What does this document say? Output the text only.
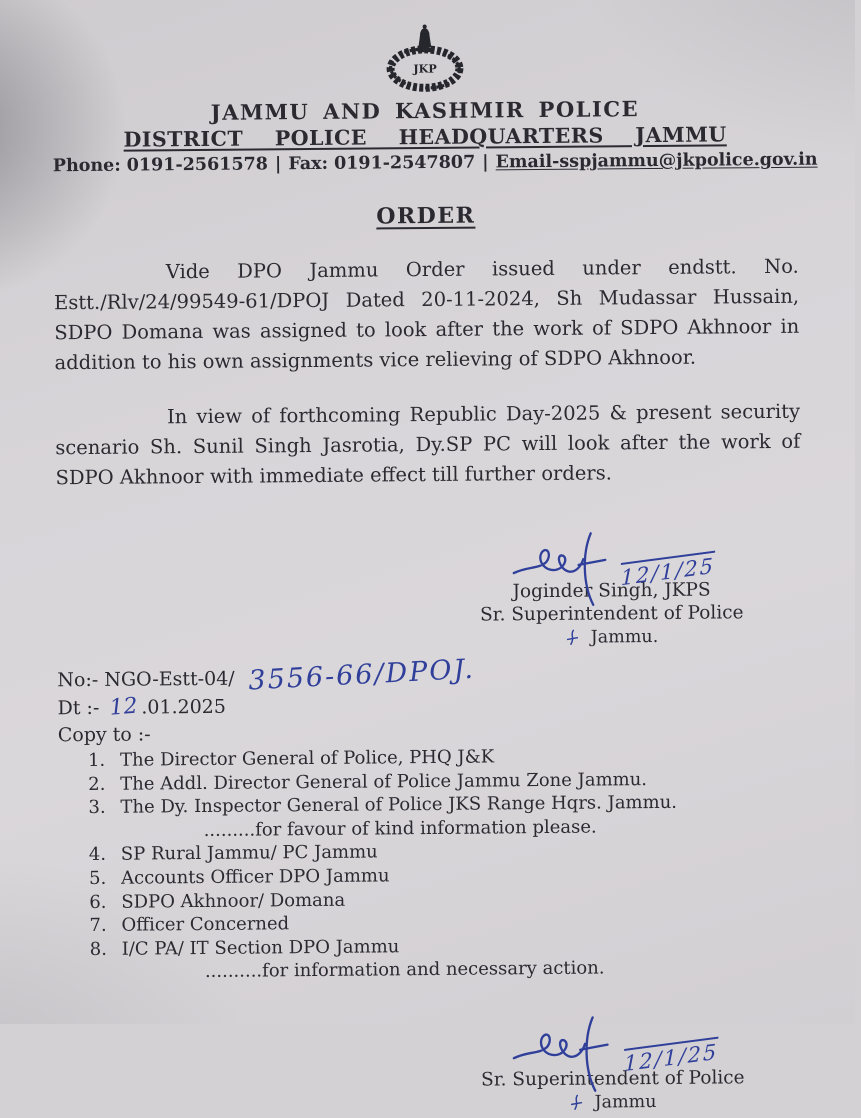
JKP
JAMMU AND KASHMIR POLICE
DISTRICT POLICE HEADQUARTERS JAMMU
Phone: 0191-2561578 | Fax: 0191-2547807 | Email-sspjammu@jkpolice.gov.in
ORDER

Vide DPO Jammu Order issued under endstt. No. Estt./Rlv/24/99549-61/DPOJ Dated 20-11-2024, Sh Mudassar Hussain, SDPO Domana was assigned to look after the work of SDPO Akhnoor in addition to his own assignments vice relieving of SDPO Akhnoor.

In view of forthcoming Republic Day-2025 & present security scenario Sh. Sunil Singh Jasrotia, Dy.SP PC will look after the work of SDPO Akhnoor with immediate effect till further orders.

12/1/25
Joginder Singh, JKPS
Sr. Superintendent of Police
Jammu.
No:- NGO-Estt-04/ 3556-66/DPOJ.
Dt :- 12 .01.2025
Copy to :-
1. The Director General of Police, PHQ J&K
2. The Addl. Director General of Police Jammu Zone Jammu.
3. The Dy. Inspector General of Police JKS Range Hqrs. Jammu.
.........for favour of kind information please.
4. SP Rural Jammu/ PC Jammu
5. Accounts Officer DPO Jammu
6. SDPO Akhnoor/ Domana
7. Officer Concerned
8. I/C PA/ IT Section DPO Jammu
..........for information and necessary action.
12/1/25
Sr. Superintendent of Police
Jammu
